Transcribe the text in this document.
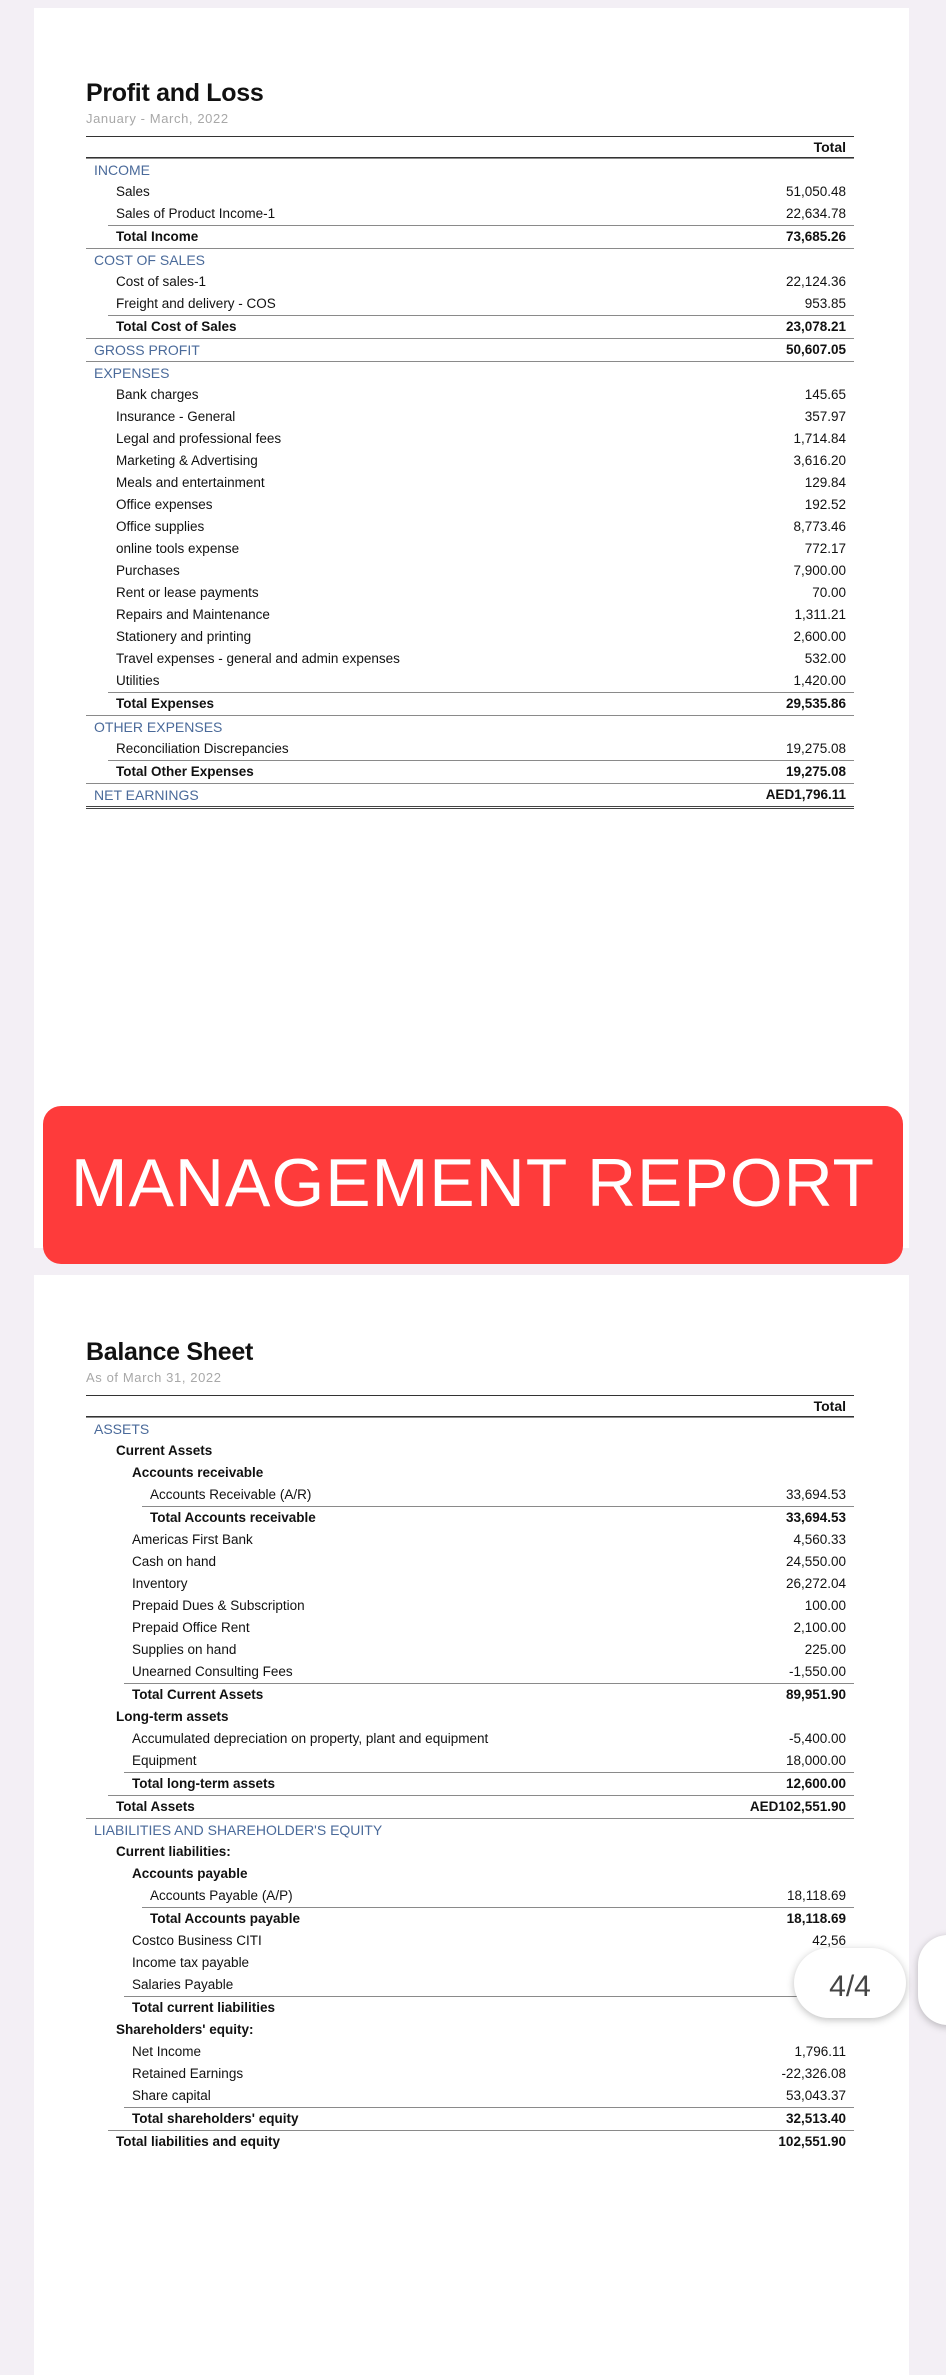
Profit and Loss
January - March, 2022
Total
INCOME
Sales	51,050.48
Sales of Product Income-1	22,634.78
Total Income	73,685.26
COST OF SALES
Cost of sales-1	22,124.36
Freight and delivery - COS	953.85
Total Cost of Sales	23,078.21
GROSS PROFIT	50,607.05
EXPENSES
Bank charges	145.65
Insurance - General	357.97
Legal and professional fees	1,714.84
Marketing & Advertising	3,616.20
Meals and entertainment	129.84
Office expenses	192.52
Office supplies	8,773.46
online tools expense	772.17
Purchases	7,900.00
Rent or lease payments	70.00
Repairs and Maintenance	1,311.21
Stationery and printing	2,600.00
Travel expenses - general and admin expenses	532.00
Utilities	1,420.00
Total Expenses	29,535.86
OTHER EXPENSES
Reconciliation Discrepancies	19,275.08
Total Other Expenses	19,275.08
NET EARNINGS	AED1,796.11
Balance Sheet
As of March 31, 2022
Total
ASSETS
Current Assets
Accounts receivable
Accounts Receivable (A/R)	33,694.53
Total Accounts receivable	33,694.53
Americas First Bank	4,560.33
Cash on hand	24,550.00
Inventory	26,272.04
Prepaid Dues & Subscription	100.00
Prepaid Office Rent	2,100.00
Supplies on hand	225.00
Unearned Consulting Fees	-1,550.00
Total Current Assets	89,951.90
Long-term assets
Accumulated depreciation on property, plant and equipment	-5,400.00
Equipment	18,000.00
Total long-term assets	12,600.00
Total Assets	AED102,551.90
LIABILITIES AND SHAREHOLDER'S EQUITY
Current liabilities:
Accounts payable
Accounts Payable (A/P)	18,118.69
Total Accounts payable	18,118.69
Costco Business CITI	42,56
Income tax payable
Salaries Payable
Total current liabilities
Shareholders' equity:
Net Income	1,796.11
Retained Earnings	-22,326.08
Share capital	53,043.37
Total shareholders' equity	32,513.40
Total liabilities and equity	102,551.90
MANAGEMENT REPORT
4/4
